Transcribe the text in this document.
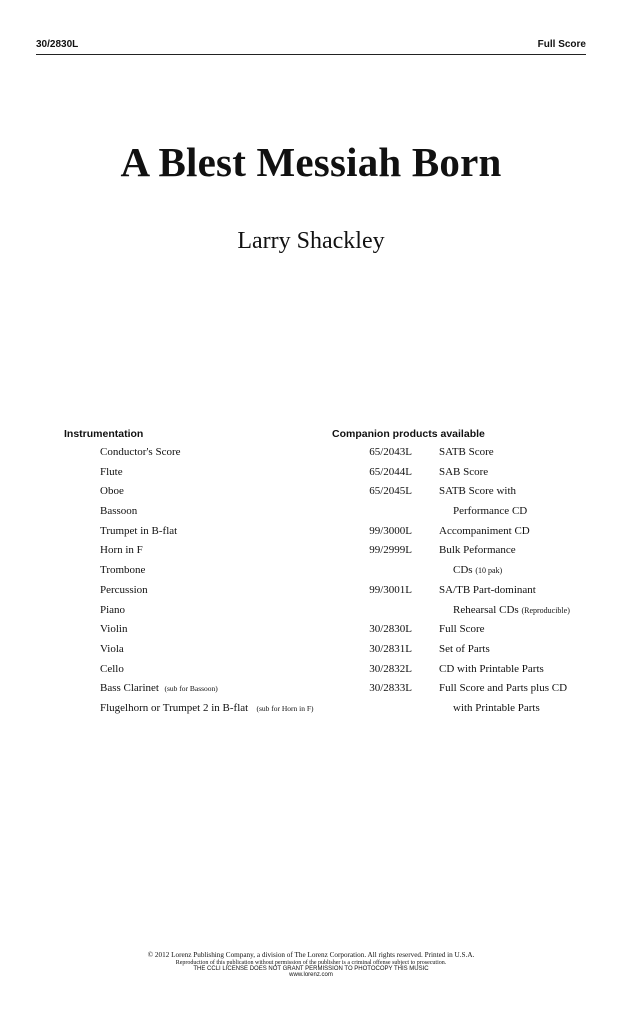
30/2830L	Full Score
A Blest Messiah Born
Larry Shackley
Instrumentation	Companion products available
Conductor's Score
Flute
Oboe
Bassoon
Trumpet in B-flat
Horn in F
Trombone
Percussion
Piano
Violin
Viola
Cello
Bass Clarinet (sub for Bassoon)
Flugelhorn or Trumpet 2 in B-flat (sub for Horn in F)
65/2043L SATB Score
65/2044L SAB Score
65/2045L SATB Score with
Performance CD
99/3000L Accompaniment CD
99/2999L Bulk Peformance
CDs (10 pak)
99/3001L SA/TB Part-dominant
Rehearsal CDs (Reproducible)
30/2830L Full Score
30/2831L Set of Parts
30/2832L CD with Printable Parts
30/2833L Full Score and Parts plus CD
with Printable Parts
© 2012 Lorenz Publishing Company, a division of The Lorenz Corporation. All rights reserved. Printed in U.S.A.
Reproduction of this publication without permission of the publisher is a criminal offense subject to prosecution.
THE CCLI LICENSE DOES NOT GRANT PERMISSION TO PHOTOCOPY THIS MUSIC
www.lorenz.com
